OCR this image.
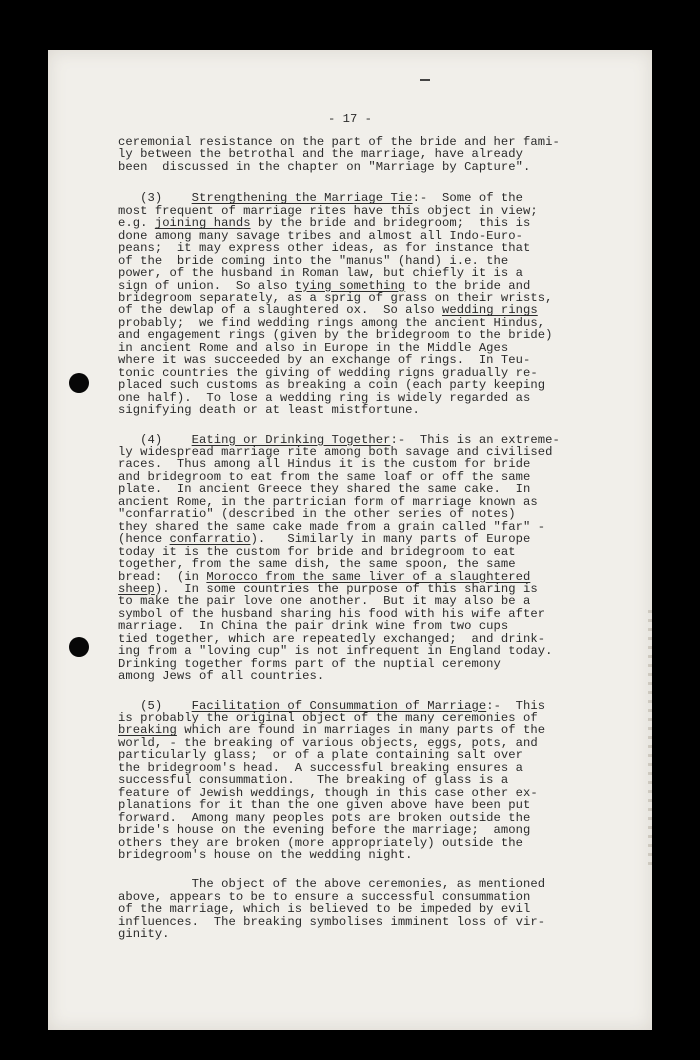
- 17 -
ceremonial resistance on the part of the bride and her fami-
ly between the betrothal and the marriage, have already
been  discussed in the chapter on "Marriage by Capture".
(3)    Strengthening the Marriage Tie:-  Some of the
most frequent of marriage rites have this object in view;
e.g. joining hands by the bride and bridegroom;  this is
done among many savage tribes and almost all Indo-Euro-
peans;  it may express other ideas, as for instance that
of the  bride coming into the "manus" (hand) i.e. the
power, of the husband in Roman law, but chiefly it is a
sign of union.  So also tying something to the bride and
bridegroom separately, as a sprig of grass on their wrists,
of the dewlap of a slaughtered ox.  So also wedding rings
probably;  we find wedding rings among the ancient Hindus,
and engagement rings (given by the bridegroom to the bride)
in ancient Rome and also in Europe in the Middle Ages
where it was succeeded by an exchange of rings.  In Teu-
tonic countries the giving of wedding rigns gradually re-
placed such customs as breaking a coin (each party keeping
one half).  To lose a wedding ring is widely regarded as
signifying death or at least mistfortune.
(4)    Eating or Drinking Together:-  This is an extreme-
ly widespread marriage rite among both savage and civilised
races.  Thus among all Hindus it is the custom for bride
and bridegroom to eat from the same loaf or off the same
plate.  In ancient Greece they shared the same cake.  In
ancient Rome, in the partrician form of marriage known as
"confarratio" (described in the other series of notes)
they shared the same cake made from a grain called "far" -
(hence confarratio).   Similarly in many parts of Europe
today it is the custom for bride and bridegroom to eat
together, from the same dish, the same spoon, the same
bread:  (in Morocco from the same liver of a slaughtered
sheep).  In some countries the purpose of this sharing is
to make the pair love one another.  But it may also be a
symbol of the husband sharing his food with his wife after
marriage.  In China the pair drink wine from two cups
tied together, which are repeatedly exchanged;  and drink-
ing from a "loving cup" is not infrequent in England today.
Drinking together forms part of the nuptial ceremony
among Jews of all countries.
(5)    Facilitation of Consummation of Marriage:-  This
is probably the original object of the many ceremonies of
breaking which are found in marriages in many parts of the
world, - the breaking of various objects, eggs, pots, and
particularly glass;  or of a plate containing salt over
the bridegroom's head.  A successful breaking ensures a
successful consummation.   The breaking of glass is a
feature of Jewish weddings, though in this case other ex-
planations for it than the one given above have been put
forward.  Among many peoples pots are broken outside the
bride's house on the evening before the marriage;  among
others they are broken (more appropriately) outside the
bridegroom's house on the wedding night.
The object of the above ceremonies, as mentioned
above, appears to be to ensure a successful consummation
of the marriage, which is believed to be impeded by evil
influences.  The breaking symbolises imminent loss of vir-
ginity.
